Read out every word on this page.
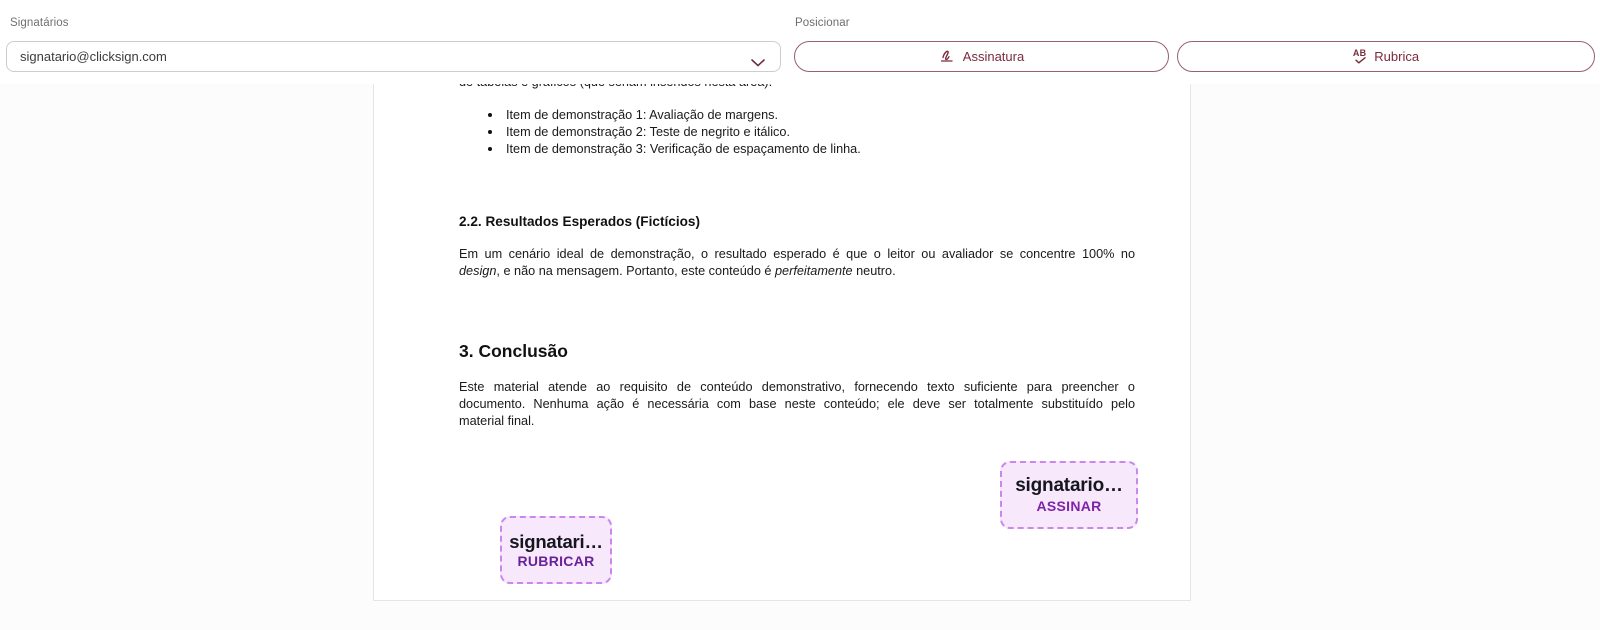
Item de demonstração 1: Avaliação de margens.
Item de demonstração 2: Teste de negrito e itálico.
Item de demonstração 3: Verificação de espaçamento de linha.
2.2. Resultados Esperados (Fictícios)
Em um cenário ideal de demonstração, o resultado esperado é que o leitor ou avaliador se concentre 100% no
design, e não na mensagem. Portanto, este conteúdo é perfeitamente neutro.
3. Conclusão
Este material atende ao requisito de conteúdo demonstrativo, fornecendo texto suficiente para preencher o
documento. Nenhuma ação é necessária com base neste conteúdo; ele deve ser totalmente substituído pelo
material final.
signatario…
ASSINAR
signatari…
RUBRICAR
Signatários
signatario@clicksign.com
Posicionar
Assinatura	AB Rubrica
